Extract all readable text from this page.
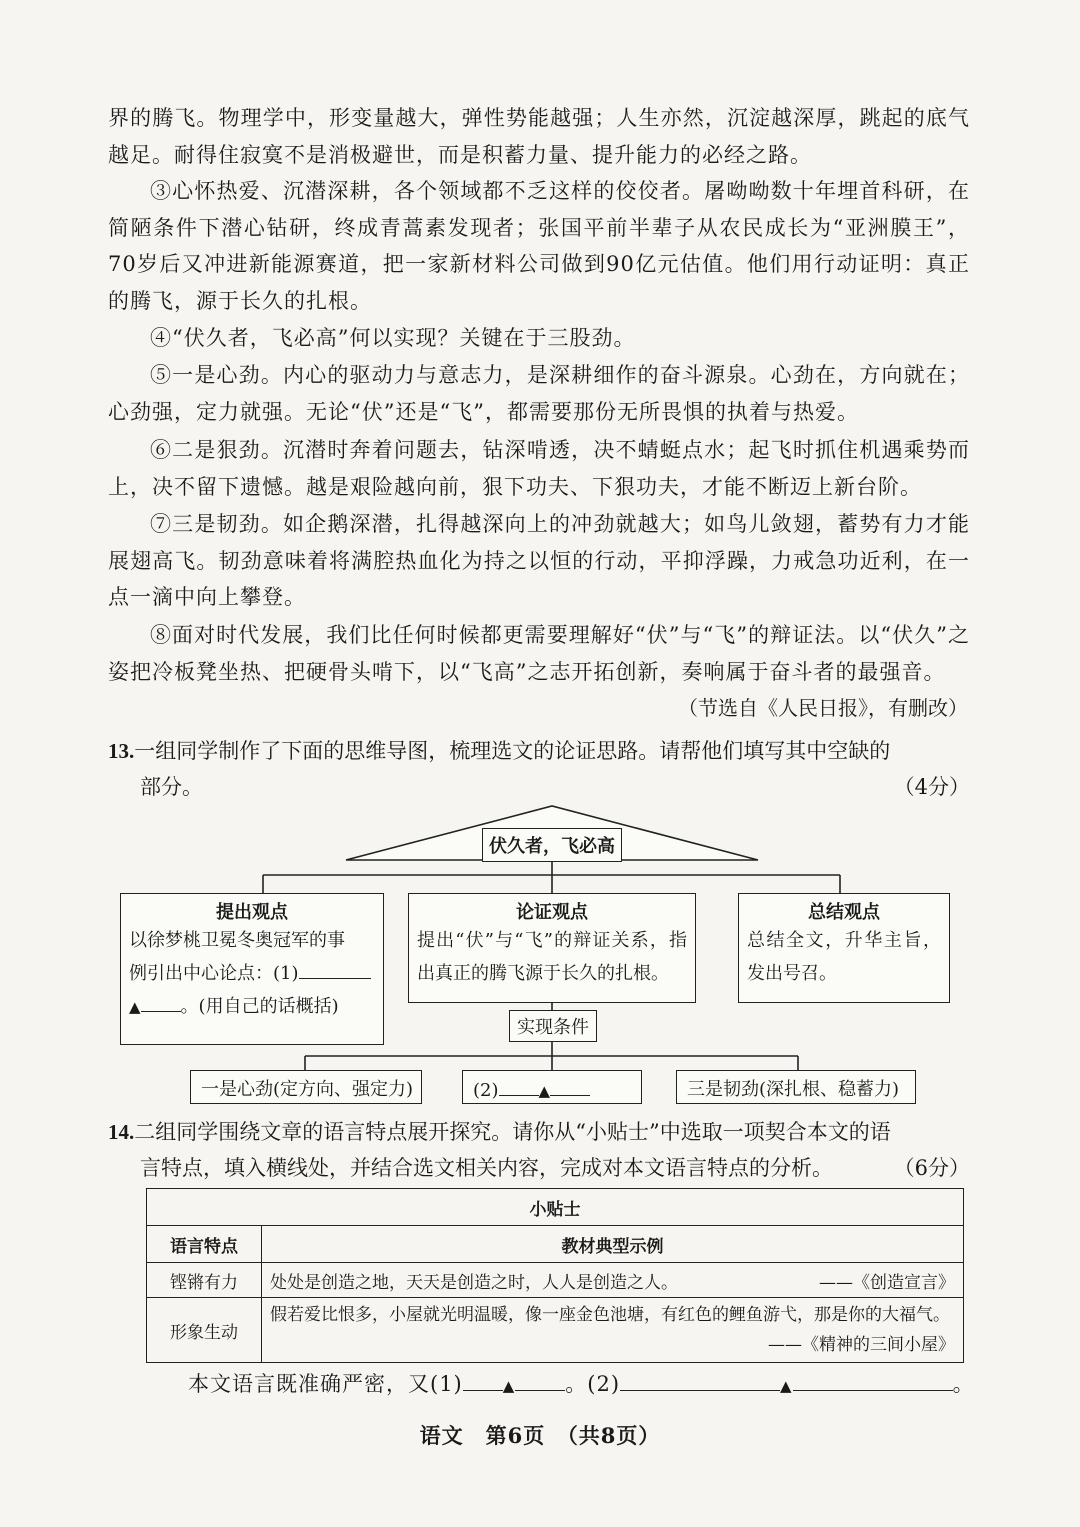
界的腾飞。物理学中，形变量越大，弹性势能越强；人生亦然，沉淀越深厚，跳起的底气越足。耐得住寂寞不是消极避世，而是积蓄力量、提升能力的必经之路。

③心怀热爱、沉潜深耕，各个领域都不乏这样的佼佼者。屠呦呦数十年埋首科研，在简陋条件下潜心钻研，终成青蒿素发现者；张国平前半辈子从农民成长为“亚洲膜王”，70岁后又冲进新能源赛道，把一家新材料公司做到90亿元估值。他们用行动证明：真正的腾飞，源于长久的扎根。

④“伏久者，飞必高”何以实现？关键在于三股劲。

⑤一是心劲。内心的驱动力与意志力，是深耕细作的奋斗源泉。心劲在，方向就在；心劲强，定力就强。无论“伏”还是“飞”，都需要那份无所畏惧的执着与热爱。

⑥二是狠劲。沉潜时奔着问题去，钻深啃透，决不蜻蜓点水；起飞时抓住机遇乘势而上，决不留下遗憾。越是艰险越向前，狠下功夫、下狠功夫，才能不断迈上新台阶。

⑦三是韧劲。如企鹅深潜，扎得越深向上的冲劲就越大；如鸟儿敛翅，蓄势有力才能展翅高飞。韧劲意味着将满腔热血化为持之以恒的行动，平抑浮躁，力戒急功近利，在一点一滴中向上攀登。

⑧面对时代发展，我们比任何时候都更需要理解好“伏”与“飞”的辩证法。以“伏久”之姿把冷板凳坐热、把硬骨头啃下，以“飞高”之志开拓创新，奏响属于奋斗者的最强音。

（节选自《人民日报》，有删改）
13.一组同学制作了下面的思维导图，梳理选文的论证思路。请帮他们填写其中空缺的
部分。	（4分）
伏久者，飞必高
提出观点
以徐梦桃卫冕冬奥冠军的事
例引出中心论点：(1)
▲ 。(用自己的话概括)
论证观点
提出“伏”与“飞”的辩证关系，指出真正的腾飞源于长久的扎根。
总结观点
总结全文，升华主旨，发出号召。
实现条件
一是心劲(定方向、强定力)	(2)	▲	三是韧劲(深扎根、稳蓄力)
14.二组同学围绕文章的语言特点展开探究。请你从“小贴士”中选取一项契合本文的语
言特点，填入横线处，并结合选文相关内容，完成对本文语言特点的分析。	（6分）
小贴士	
语言特点	教材典型示例
铿锵有力	处处是创造之地，天天是创造之时，人人是创造之人。 ——《创造宣言》

形象生动	假若爱比恨多，小屋就光明温暖，像一座金色池塘，有红色的鲤鱼游弋，那是你的大福气。
——《精神的三间小屋》
本文语言既准确严密，又(1)	▲ 。(2)	▲	。
语文　第6页　（共8页）
